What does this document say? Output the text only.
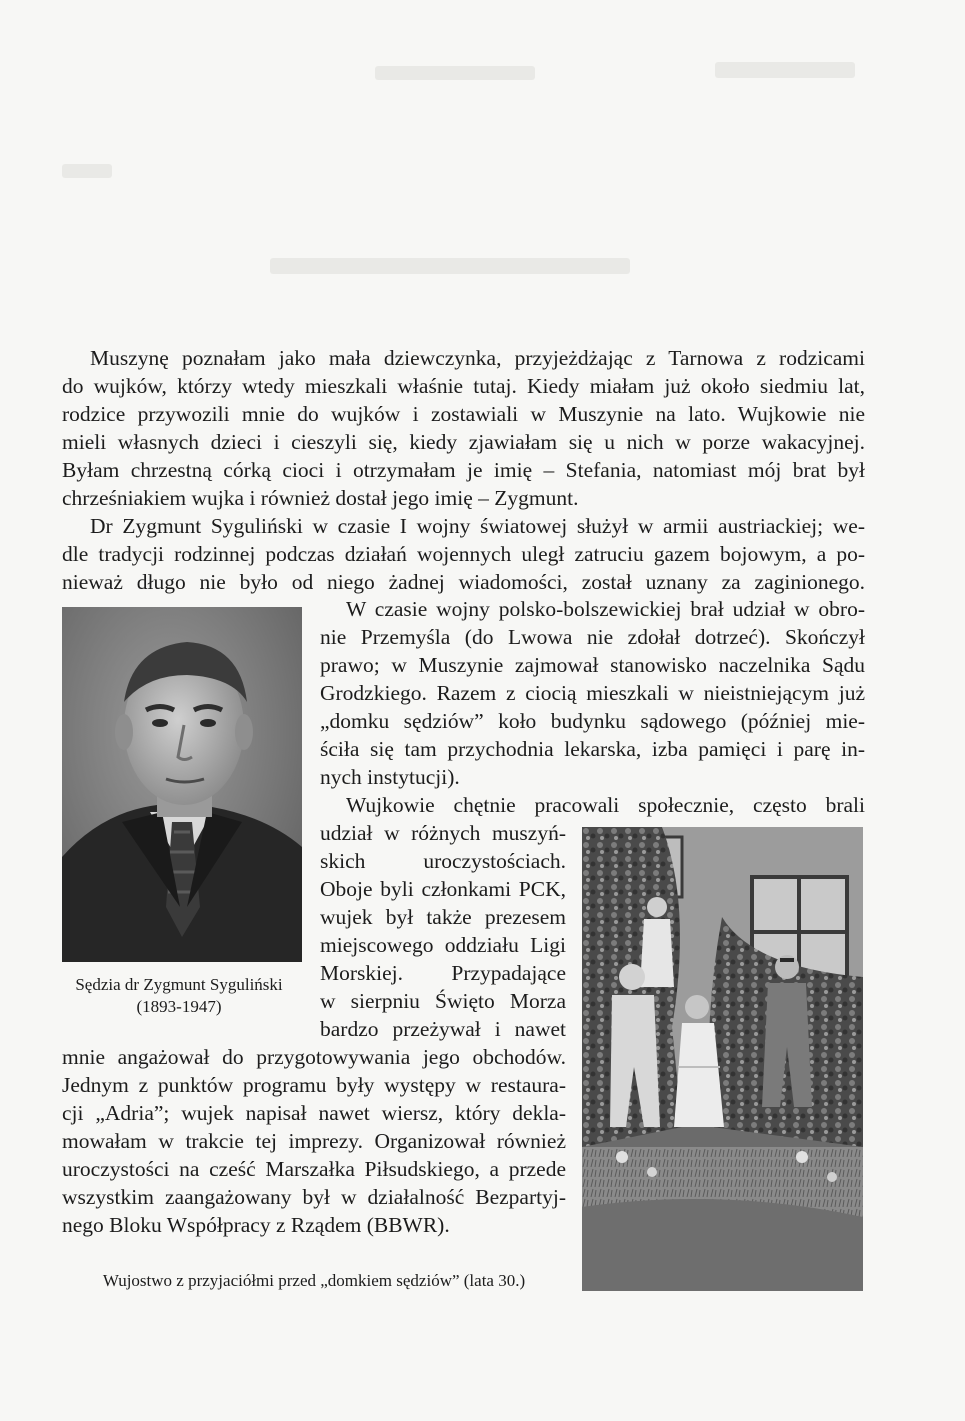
Muszynę poznałam jako mała dziewczynka, przyjeżdżając z Tarnowa z rodzicami
do wujków, którzy wtedy mieszkali właśnie tutaj. Kiedy miałam już około siedmiu lat,
rodzice przywozili mnie do wujków i zostawiali w Muszynie na lato. Wujkowie nie
mieli własnych dzieci i cieszyli się, kiedy zjawiałam się u nich w porze wakacyjnej.
Byłam chrzestną córką cioci i otrzymałam je imię – Stefania, natomiast mój brat był
chrześniakiem wujka i również dostał jego imię – Zygmunt.
Dr Zygmunt Syguliński w czasie I wojny światowej służył w armii austriackiej; we-
dle tradycji rodzinnej podczas działań wojennych uległ zatruciu gazem bojowym, a po-
nieważ długo nie było od niego żadnej wiadomości, został uznany za zaginionego.
W czasie wojny polsko-bolszewickiej brał udział w obro-
nie Przemyśla (do Lwowa nie zdołał dotrzeć). Skończył
prawo; w Muszynie zajmował stanowisko naczelnika Sądu
Grodzkiego. Razem z ciocią mieszkali w nieistniejącym już
„domku sędziów” koło budynku sądowego (później mie-
ściła się tam przychodnia lekarska, izba pamięci i parę in-
nych instytucji).
Wujkowie chętnie pracowali społecznie, często brali
udział w różnych muszyń-
skich uroczystościach.
Oboje byli członkami PCK,
wujek był także prezesem
miejscowego oddziału Ligi
Morskiej. Przypadające
w sierpniu Święto Morza
bardzo przeżywał i nawet
mnie angażował do przygotowywania jego obchodów.
Jednym z punktów programu były występy w restaura-
cji „Adria”; wujek napisał nawet wiersz, który dekla-
mowałam w trakcie tej imprezy. Organizował również
uroczystości na cześć Marszałka Piłsudskiego, a przede
wszystkim zaangażowany był w działalność Bezpartyj-
nego Bloku Współpracy z Rządem (BBWR).
Sędzia dr Zygmunt Syguliński
(1893-1947)
Wujostwo z przyjaciółmi przed „domkiem sędziów” (lata 30.)
